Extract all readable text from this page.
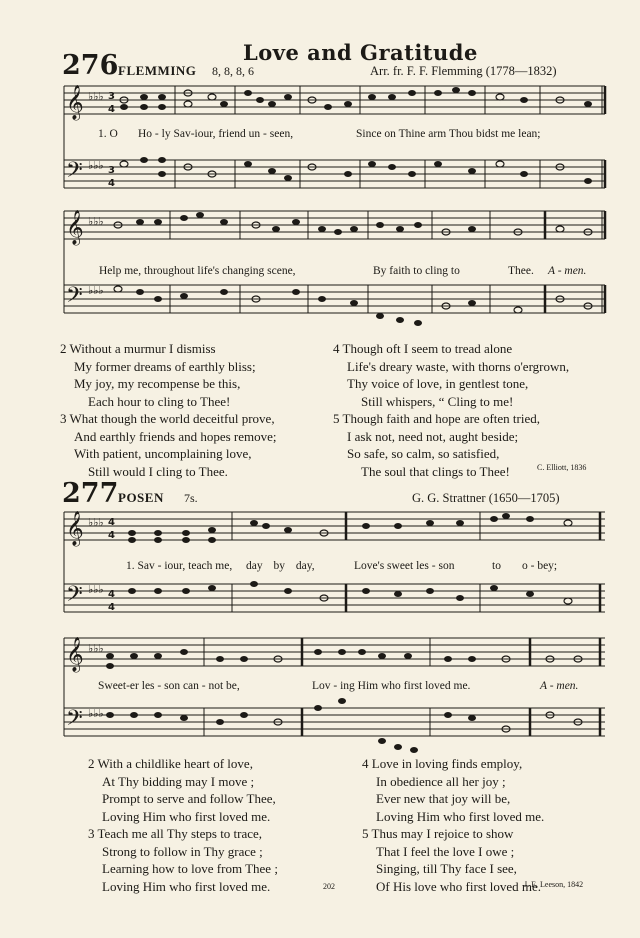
Love and Gratitude
276 FLEMMING 8, 8, 8, 6	Arr. fr. F. F. Flemming (1778—1832)
𝄞
𝄢
♭♭♭
♭♭♭
3
4
3
4
1. O Ho - ly Sav-iour, friend un - seen,	Since on Thine arm Thou bidst me lean;
𝄞
𝄢
♭♭♭
♭♭♭
Help me, throughout life's changing scene,	By faith to cling to	Thee. A - men.
2 Without a murmur I dismiss
My former dreams of earthly bliss;
My joy, my recompense be this,
Each hour to cling to Thee!
3 What though the world deceitful prove,
And earthly friends and hopes remove;
With patient, uncomplaining love,
Still would I cling to Thee.
4 Though oft I seem to tread alone
Life's dreary waste, with thorns o'ergrown,
Thy voice of love, in gentlest tone,
Still whispers, “ Cling to me!
5 Though faith and hope are often tried,
I ask not, need not, aught beside;
So safe, so calm, so satisfied,
The soul that clings to Thee!	C. Elliott, 1836
277 POSEN 7s.	G. G. Strattner (1650—1705)
𝄞
𝄢
♭♭♭
♭♭♭
4
4
4
4
1. Sav - iour, teach me, day by day,	Love's sweet les - son	to o - bey;
𝄞
𝄢
♭♭♭
♭♭♭
Sweet-er les - son can - not be,	Lov - ing Him who first loved me.	A - men.
2 With a childlike heart of love,
At Thy bidding may I move ;
Prompt to serve and follow Thee,
Loving Him who first loved me.
3 Teach me all Thy steps to trace,
Strong to follow in Thy grace ;
Learning how to love from Thee ;
Loving Him who first loved me.
4 Love in loving finds employ,
In obedience all her joy ;
Ever new that joy will be,
Loving Him who first loved me.
5 Thus may I rejoice to show
That I feel the love I owe ;
Singing, till Thy face I see,
Of His love who first loved me.
202	J. E. Leeson, 1842
